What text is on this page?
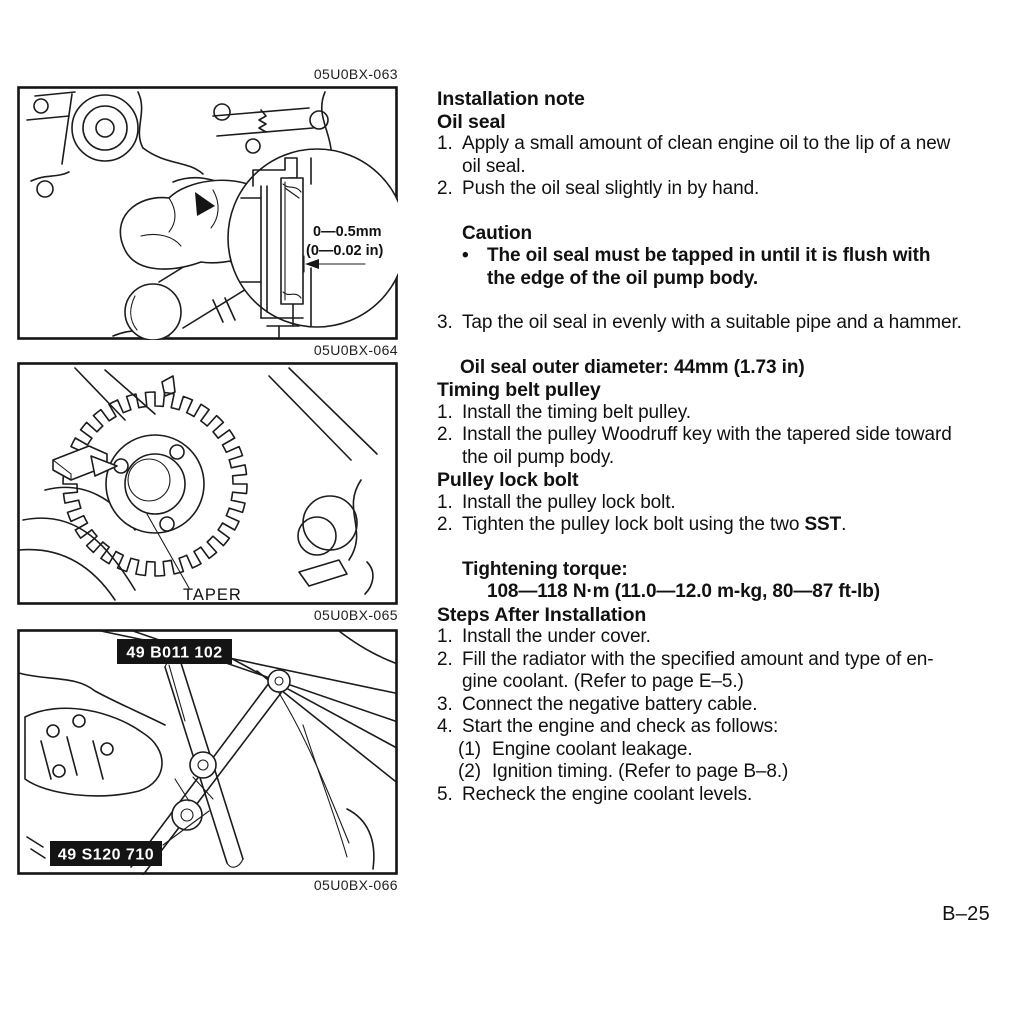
05U0BX-063
0—0.5mm
(0—0.02 in)
05U0BX-064
TAPER
05U0BX-065
49 B011 102
49 S120 710
05U0BX-066
Installation note
Oil seal
1. Apply a small amount of clean engine oil to the lip of a new
oil seal.
2. Push the oil seal slightly in by hand.
Caution
• The oil seal must be tapped in until it is flush with
the edge of the oil pump body.
3. Tap the oil seal in evenly with a suitable pipe and a hammer.
Oil seal outer diameter: 44mm (1.73 in)
Timing belt pulley
1. Install the timing belt pulley.
2. Install the pulley Woodruff key with the tapered side toward
the oil pump body.
Pulley lock bolt
1. Install the pulley lock bolt.
2. Tighten the pulley lock bolt using the two SST.
Tightening torque:
108—118 N·m (11.0—12.0 m-kg, 80—87 ft-lb)
Steps After Installation
1. Install the under cover.
2. Fill the radiator with the specified amount and type of en-
gine coolant. (Refer to page E–5.)
3. Connect the negative battery cable.
4. Start the engine and check as follows:
(1) Engine coolant leakage.
(2) Ignition timing. (Refer to page B–8.)
5. Recheck the engine coolant levels.
B–25
